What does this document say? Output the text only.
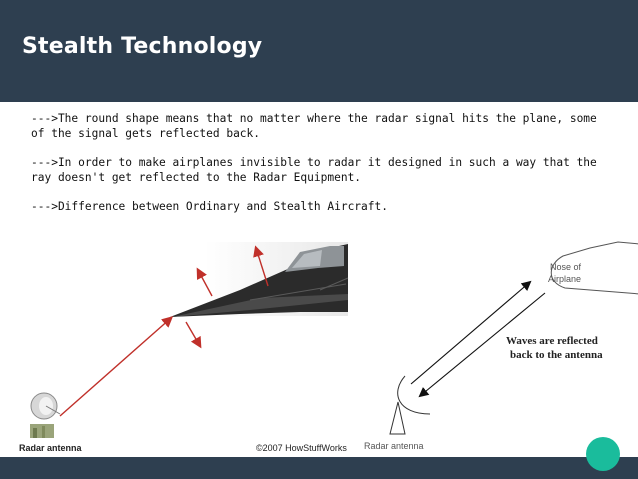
Stealth Technology

--->The round shape means that no matter where the radar signal hits the plane, some of the signal gets reflected back.

--->In order to make airplanes invisible to radar it designed in such a way that the ray doesn't get reflected to the Radar Equipment.

--->Difference between Ordinary and Stealth Aircraft.

Radar antenna	©2007 HowStuffWorks
Nose of
Airplane
Waves are reflected
back to the antenna
Radar antenna
